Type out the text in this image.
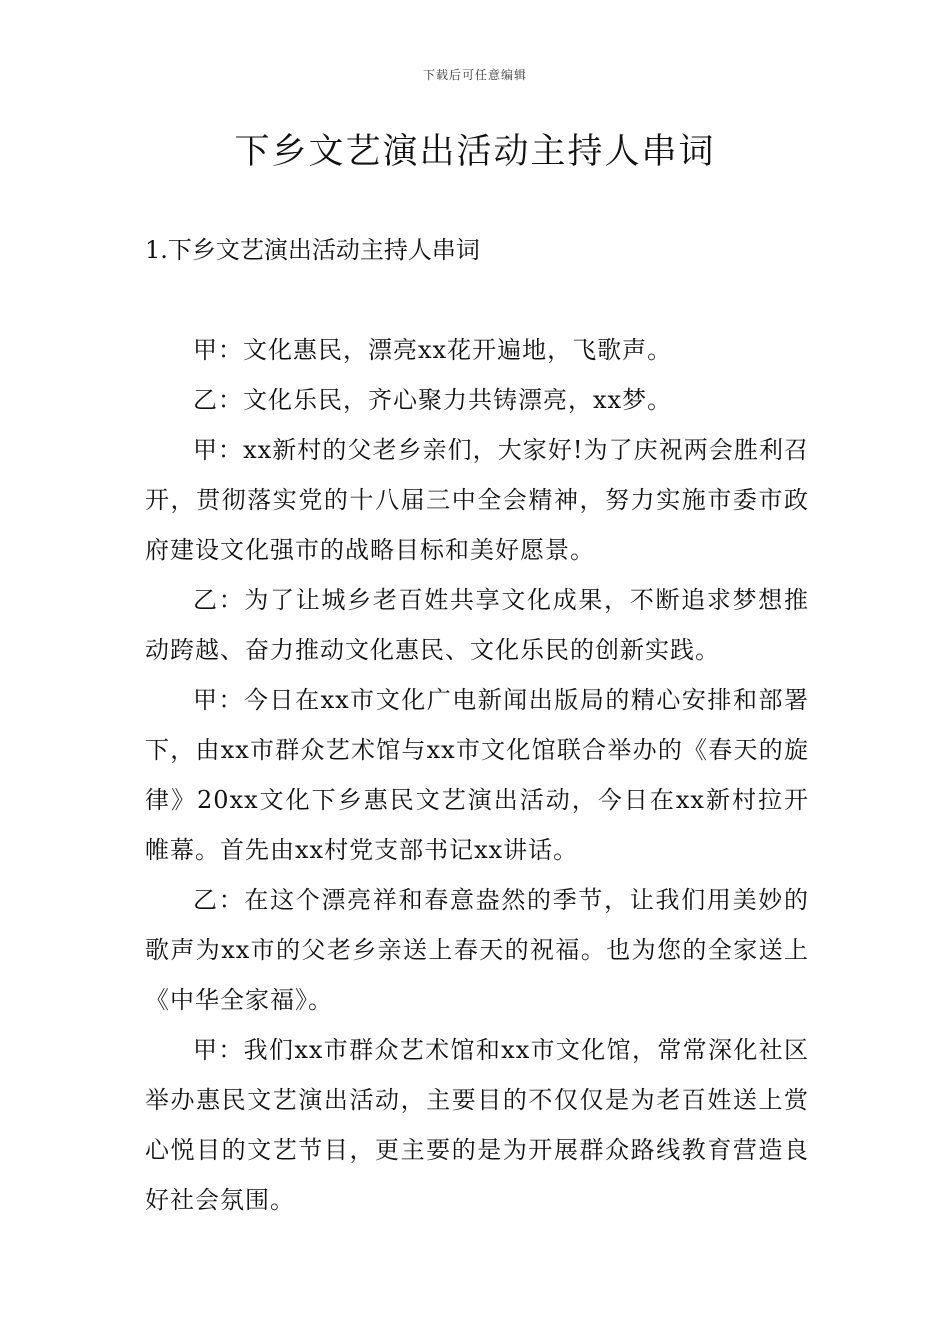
下载后可任意编辑
下乡文艺演出活动主持人串词
1.下乡文艺演出活动主持人串词

甲：文化惠民，漂亮xx花开遍地，飞歌声。

乙：文化乐民，齐心聚力共铸漂亮，xx梦。

甲：xx新村的父老乡亲们，大家好!为了庆祝两会胜利召开，贯彻落实党的十八届三中全会精神，努力实施市委市政府建设文化强市的战略目标和美好愿景。

乙：为了让城乡老百姓共享文化成果，不断追求梦想推动跨越、奋力推动文化惠民、文化乐民的创新实践。

甲：今日在xx市文化广电新闻出版局的精心安排和部署下，由xx市群众艺术馆与xx市文化馆联合举办的《春天的旋律》20xx文化下乡惠民文艺演出活动，今日在xx新村拉开帷幕。首先由xx村党支部书记xx讲话。

乙：在这个漂亮祥和春意盎然的季节，让我们用美妙的歌声为xx市的父老乡亲送上春天的祝福。也为您的全家送上《中华全家福》。

甲：我们xx市群众艺术馆和xx市文化馆，常常深化社区举办惠民文艺演出活动，主要目的不仅仅是为老百姓送上赏心悦目的文艺节目，更主要的是为开展群众路线教育营造良好社会氛围。
